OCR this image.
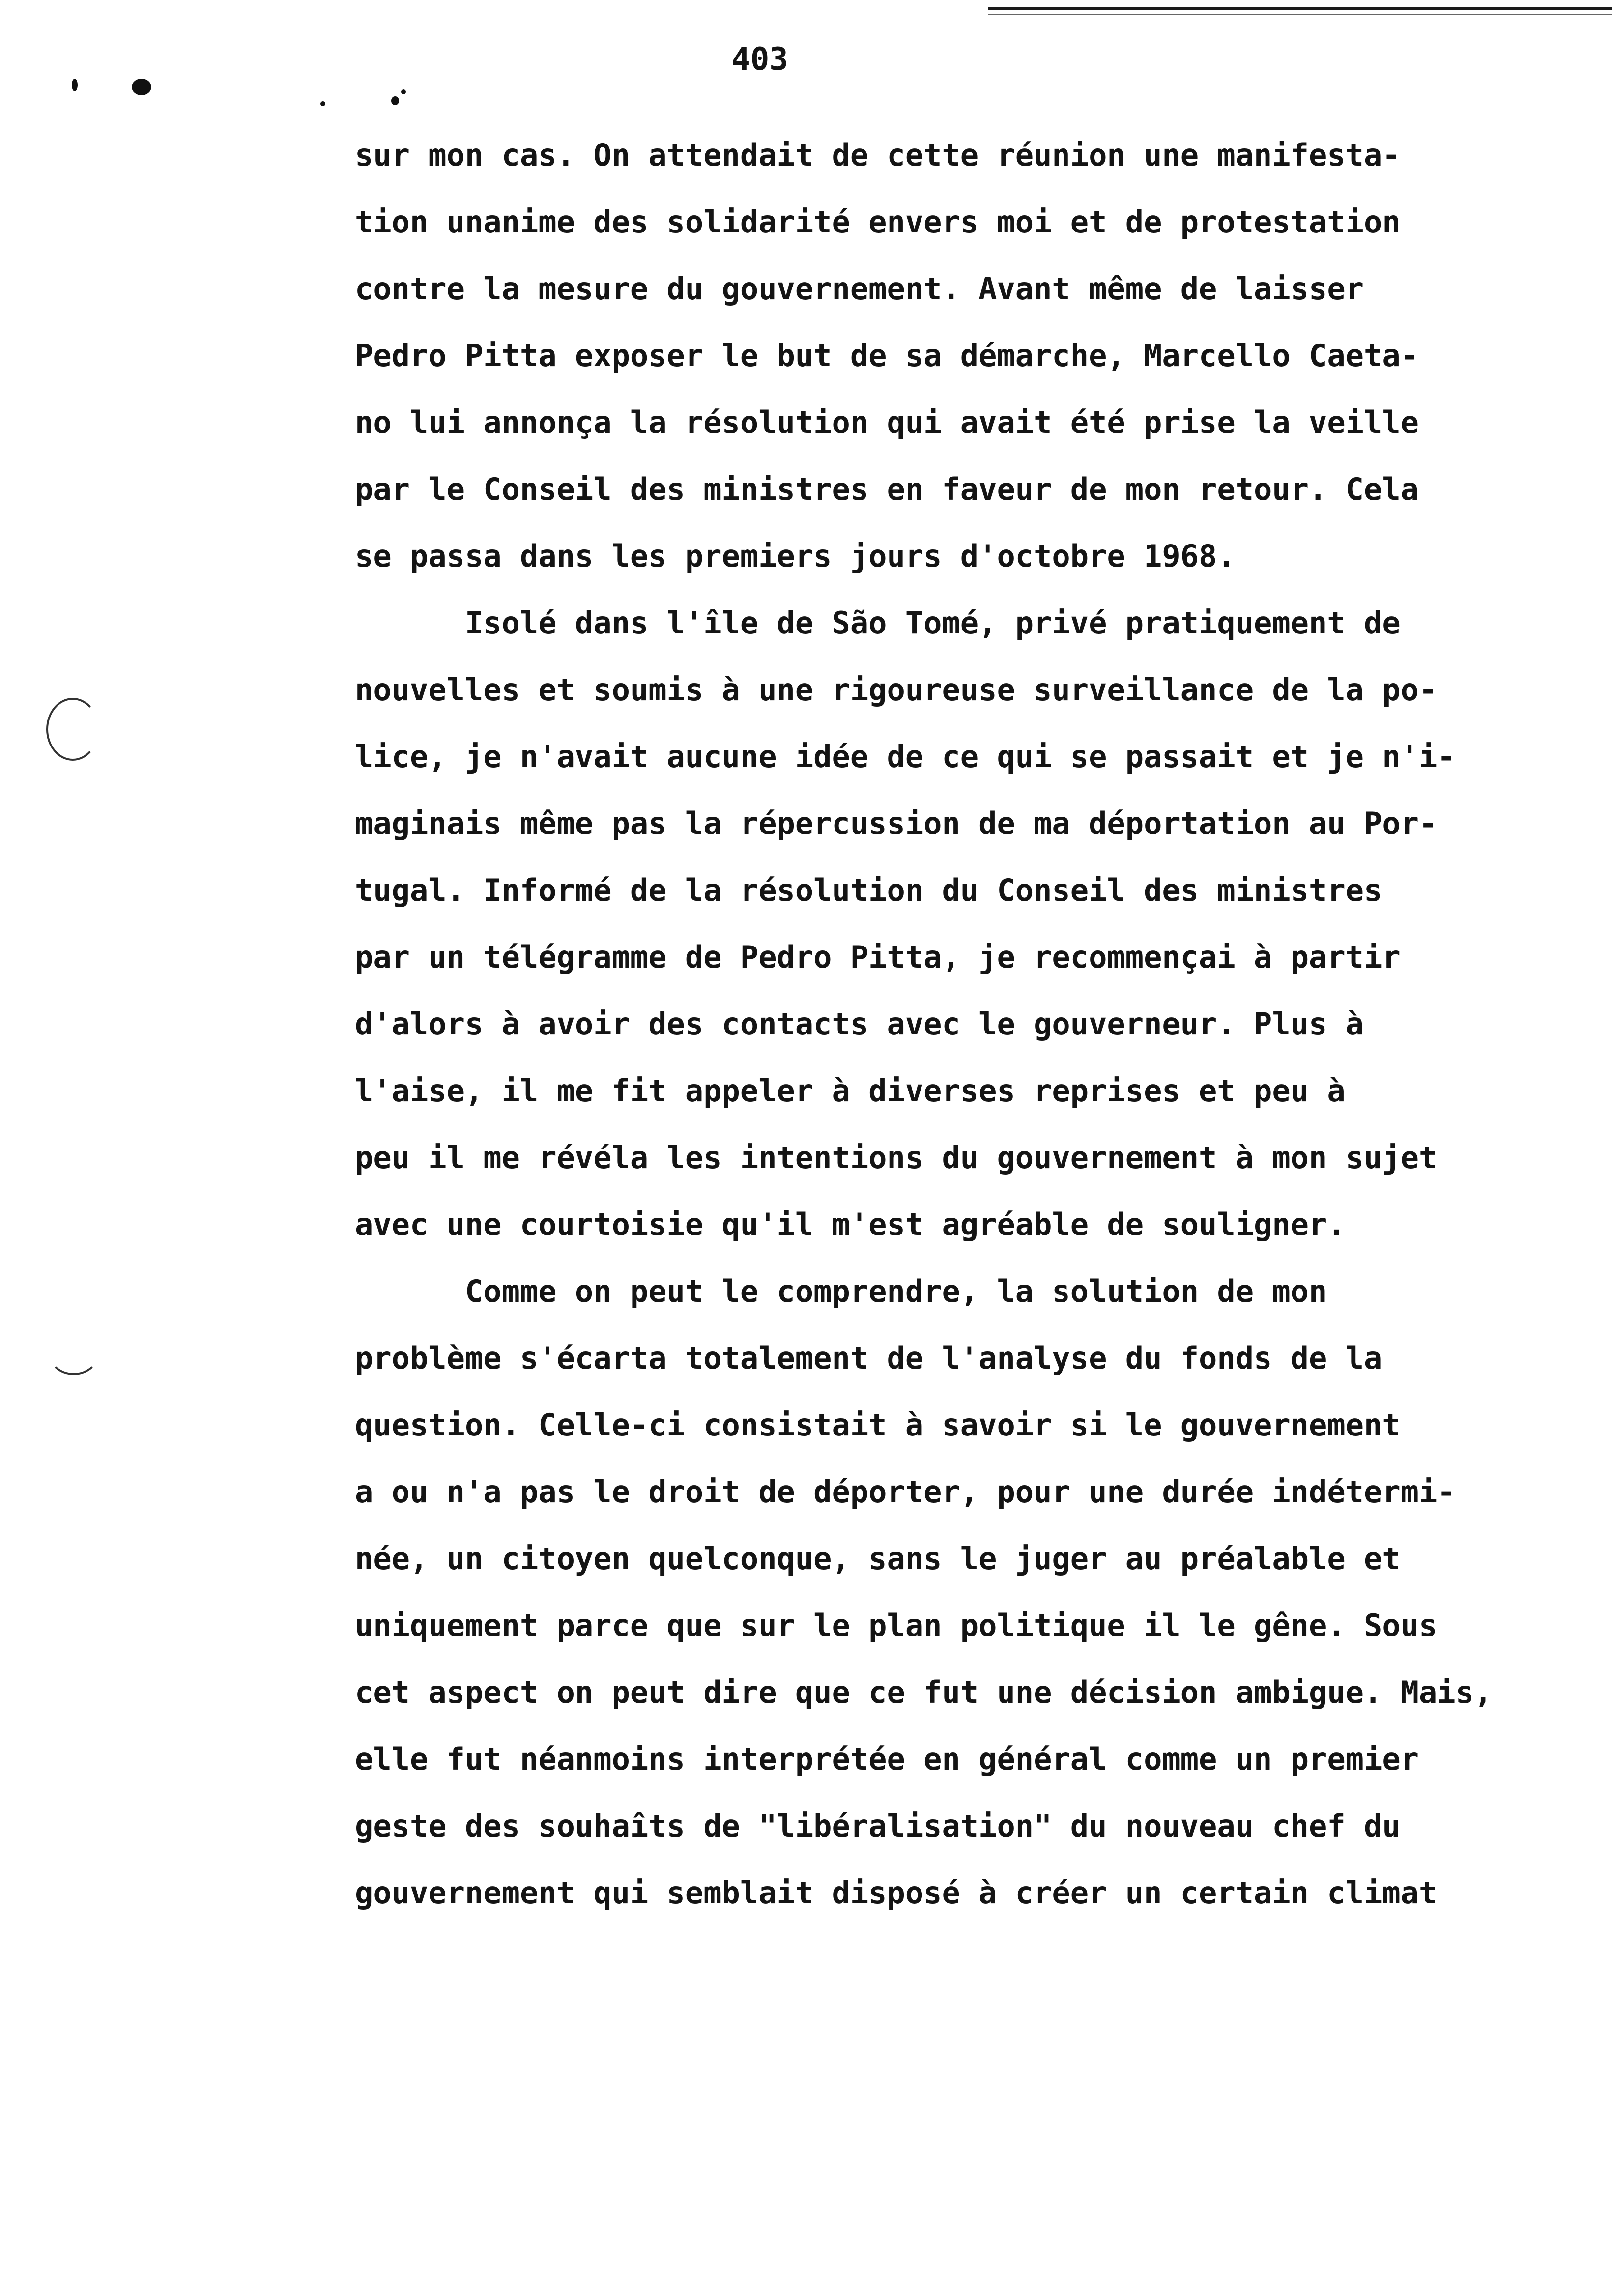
403
sur mon cas. On attendait de cette réunion une manifesta-
tion unanime des solidarité envers moi et de protestation
contre la mesure du gouvernement. Avant même de laisser
Pedro Pitta exposer le but de sa démarche, Marcello Caeta-
no lui annonça la résolution qui avait été prise la veille
par le Conseil des ministres en faveur de mon retour. Cela
se passa dans les premiers jours d'octobre 1968.
Isolé dans l'île de São Tomé, privé pratiquement de
nouvelles et soumis à une rigoureuse surveillance de la po-
lice, je n'avait aucune idée de ce qui se passait et je n'i-
maginais même pas la répercussion de ma déportation au Por-
tugal. Informé de la résolution du Conseil des ministres
par un télégramme de Pedro Pitta, je recommençai à partir
d'alors à avoir des contacts avec le gouverneur. Plus à
l'aise, il me fit appeler à diverses reprises et peu à
peu il me révéla les intentions du gouvernement à mon sujet
avec une courtoisie qu'il m'est agréable de souligner.
Comme on peut le comprendre, la solution de mon
problème s'écarta totalement de l'analyse du fonds de la
question. Celle-ci consistait à savoir si le gouvernement
a ou n'a pas le droit de déporter, pour une durée indétermi-
née, un citoyen quelconque, sans le juger au préalable et
uniquement parce que sur le plan politique il le gêne. Sous
cet aspect on peut dire que ce fut une décision ambigue. Mais,
elle fut néanmoins interprétée en général comme un premier
geste des souhaîts de "libéralisation" du nouveau chef du
gouvernement qui semblait disposé à créer un certain climat
